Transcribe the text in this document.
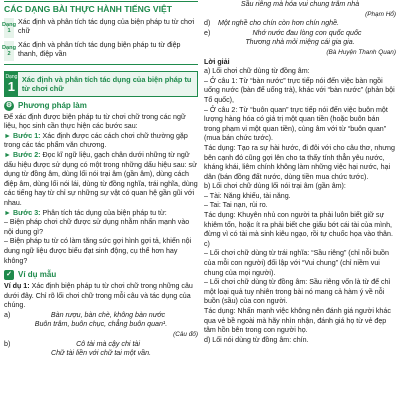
CÁC DẠNG BÀI THỰC HÀNH TIẾNG VIỆT
Dạng
1
Xác định và phân tích tác dụng của biện pháp tu từ chơi chữ
Dạng
2
Xác định và phân tích tác dụng biện pháp tu từ điệp thanh, điệp vần
Dạng
1 Xác định và phân tích tác dụng của biện pháp tu từ chơi chữ
⚙ Phương pháp làm

Để xác định được biện pháp tu từ chơi chữ trong các ngữ liệu, học sinh cần thực hiện các bước sau:

► Bước 1: Xác định được các cách chơi chữ thường gặp trong các tác phẩm văn chương.

► Bước 2: Đọc kĩ ngữ liệu, gạch chân dưới những từ ngữ dấu hiệu được sử dụng có một trong những dấu hiệu sau: sử dụng từ đồng âm, dùng lối nói trại âm (gần âm), dùng cách điệp âm, dùng lối nói lái, dùng từ đồng nghĩa, trái nghĩa, dùng các tiếng hay từ chỉ sự những sự vật có quan hệ gần gũi với nhau.

► Bước 3: Phân tích tác dụng của biện pháp tu từ:

– Biện pháp chơi chữ được sử dụng nhằm nhấn mạnh vào nội dung gì?

– Biện pháp tu từ có làm tăng sức gợi hình gợi tả, khiến nội dung ngữ liệu được biểu đạt sinh động, cụ thể hơn hay không?

✓ Ví dụ mẫu

Ví dụ 1: Xác định biện pháp tu từ chơi chữ trong những câu dưới đây. Chỉ rõ lối chơi chữ trong mỗi câu và tác dụng của chúng.

a)	Bàn rượu, bàn chè, không bàn nước

Buôn trâm, buôn chục, chẳng buôn quan¹.

(Câu đố)

b)	Cô tài mà cậy chi tài

Chữ tài liền với chữ tai một vần.

Sầu riêng mà hóa vui chung trăm nhà

(Phạm Hổ)

d)	Một nghề cho chín còn hơn chín nghề.
e)	Nhớ nước đau lòng con quốc quốc

Thương nhà mỏi miệng cái gia gia.

(Bà Huyện Thanh Quan)

Lời giải

a) Lối chơi chữ dùng từ đồng âm:

– Ở câu 1: Từ “bàn nước” trực tiếp nói đến việc bàn ngồi uống nước (bàn để uống trà), khác với “bàn nước” (phản bội Tổ quốc),

– Ở câu 2: Từ “buôn quan” trực tiếp nói đến việc buôn một lượng hàng hóa có giá trị một quan tiền (hoặc buôn bán trong phạm vi một quan tiền), cùng âm với từ “buôn quan” (mua bán chức tước).

Tác dụng: Tạo ra sự hài hước, đi đôi với cho câu thơ, nhưng bên cạnh đó cũng gợi lên cho ta thấy tính thẳn yêu nước, kháng khái, liêm chính không làm những việc hại nước, hại dân (bán đồng đất nước, dùng tiền mua chức tước).

b) Lối chơi chữ dùng lối nói trại âm (gần âm):

– Tài: Năng khiếu, tài năng.

– Tai: Tai nạn, rủi ro.

Tác dụng: Khuyên nhủ con người ta phải luôn biết giữ sự khiêm tốn, hoặc ít ra phải biết che giấu bớt cái tài của mình, đừng vì có tài mà sinh kiêu ngạo, rồi tự chuốc họa vào thân.

c)

– Lối chơi chữ dùng từ trái nghĩa: “Sầu riêng” (chỉ nỗi buồn của mỗi con người) đối lập với “Vui chung” (chỉ niềm vui chung của mọi người).

– Lối chơi chữ dùng từ đồng âm: Sầu riêng vốn là từ để chỉ một loại quả tuy nhiên trong bài nó mang cả hàm ý về nỗi buồn (sầu) của con người.

Tác dụng: Nhấn mạnh việc không nên đánh giá người khác qua vẻ bề ngoài mà hãy nhìn nhận, đánh giá họ từ vẻ đẹp tâm hồn bên trong con người họ.

d) Lối nói dùng từ đồng âm: chín.
